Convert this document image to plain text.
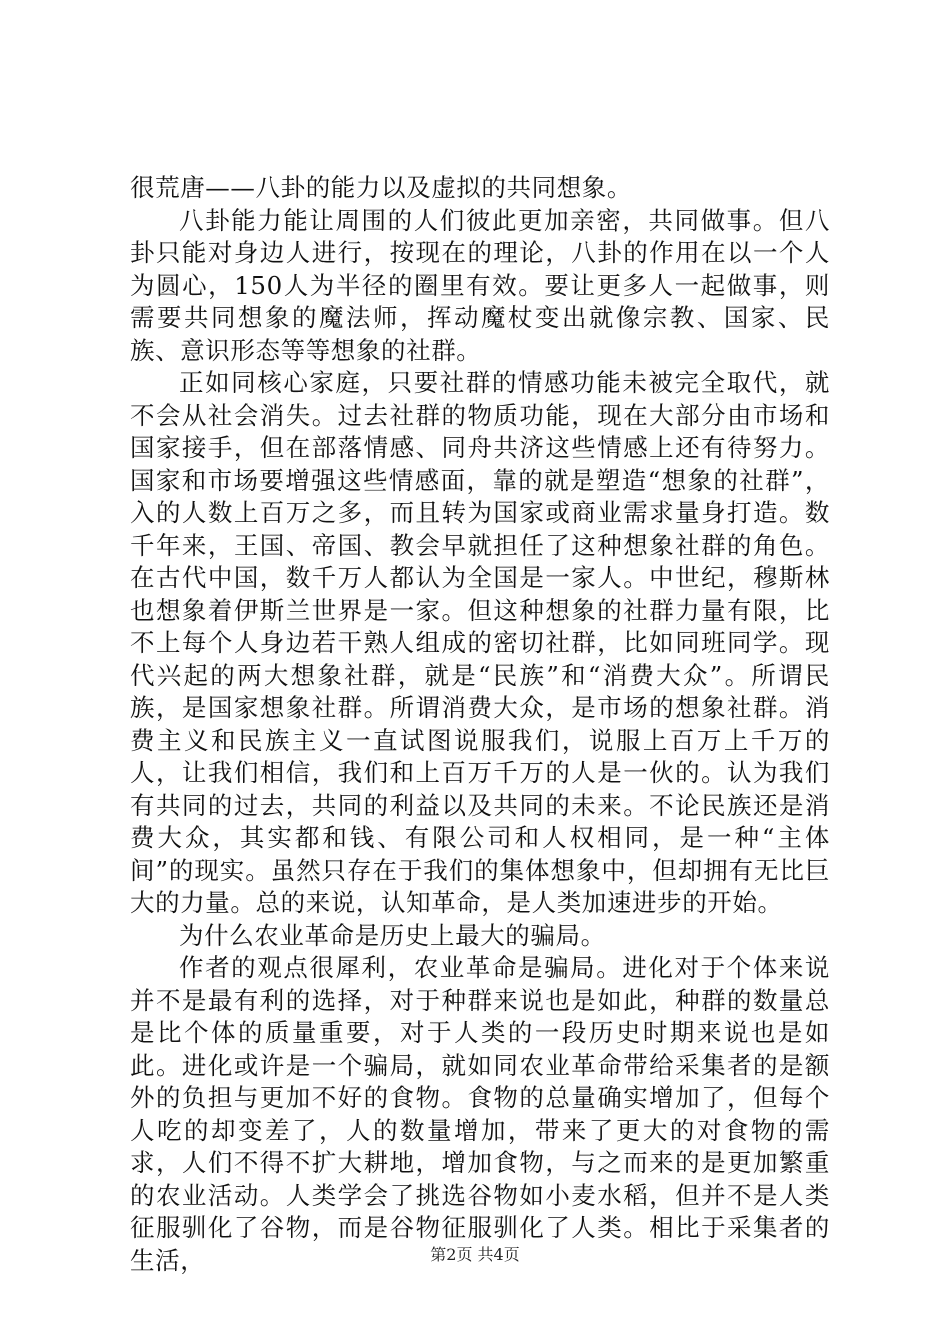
很荒唐——八卦的能力以及虚拟的共同想象。

八卦能力能让周围的人们彼此更加亲密，共同做事。但八卦只能对身边人进行，按现在的理论，八卦的作用在以一个人为圆心，150人为半径的圈里有效。要让更多人一起做事，则需要共同想象的魔法师，挥动魔杖变出就像宗教、国家、民族、意识形态等等想象的社群。

正如同核心家庭，只要社群的情感功能未被完全取代，就不会从社会消失。过去社群的物质功能，现在大部分由市场和国家接手，但在部落情感、同舟共济这些情感上还有待努力。国家和市场要增强这些情感面，靠的就是塑造“想象的社群”，入的人数上百万之多，而且转为国家或商业需求量身打造。数千年来，王国、帝国、教会早就担任了这种想象社群的角色。在古代中国，数千万人都认为全国是一家人。中世纪，穆斯林也想象着伊斯兰世界是一家。但这种想象的社群力量有限，比不上每个人身边若干熟人组成的密切社群，比如同班同学。现代兴起的两大想象社群，就是“民族”和“消费大众”。所谓民族，是国家想象社群。所谓消费大众，是市场的想象社群。消费主义和民族主义一直试图说服我们，说服上百万上千万的人，让我们相信，我们和上百万千万的人是一伙的。认为我们有共同的过去，共同的利益以及共同的未来。不论民族还是消费大众，其实都和钱、有限公司和人权相同，是一种“主体间”的现实。虽然只存在于我们的集体想象中，但却拥有无比巨大的力量。总的来说，认知革命，是人类加速进步的开始。

为什么农业革命是历史上最大的骗局。

作者的观点很犀利，农业革命是骗局。进化对于个体来说并不是最有利的选择，对于种群来说也是如此，种群的数量总是比个体的质量重要，对于人类的一段历史时期来说也是如此。进化或许是一个骗局，就如同农业革命带给采集者的是额外的负担与更加不好的食物。食物的总量确实增加了，但每个人吃的却变差了，人的数量增加，带来了更大的对食物的需求，人们不得不扩大耕地，增加食物，与之而来的是更加繁重的农业活动。人类学会了挑选谷物如小麦水稻，但并不是人类征服驯化了谷物，而是谷物征服驯化了人类。相比于采集者的生活，	第2页 共4页
